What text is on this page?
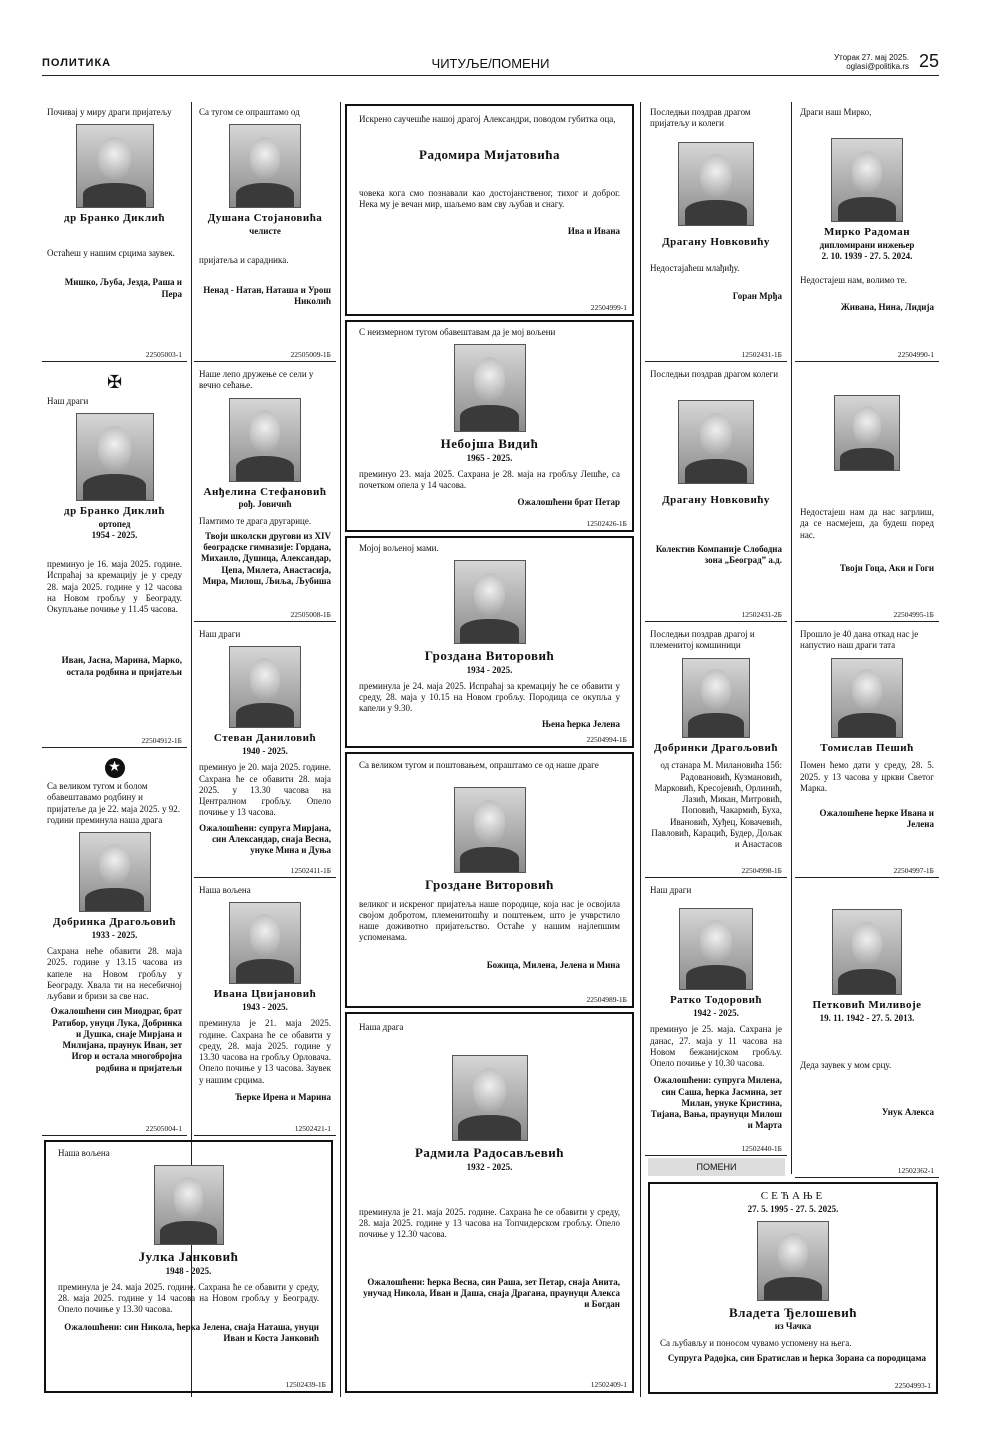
ПОЛИТИКА	ЧИТУЉЕ/ПОМЕНИ	Уторак 27. мај 2025.
oglasi@politika.rs 25
Почивај у миру драги пријатељу
др Бранко Диклић
Остаћеш у нашим срцима заувек.
Мишко, Љуба, Језда, Раша и Пера
22505003-1
✠
Наш драги
др Бранко Диклић
ортопед
1954 - 2025.
преминуо је 16. маја 2025. године. Испраћај за кремацију је у среду 28. маја 2025. године у 12 часова на Новом гробљу у Београду. Окупљање почиње у 11.45 часова.
Иван, Јасна, Марина, Марко, остала родбина и пријатељи
22504912-1Б
★
Са великом тугом и болом обавештавамо родбину и пријатеље да је 22. маја 2025. у 92. години преминула наша драга
Добринка Драгољовић
1933 - 2025.
Сахрана неће обавити 28. маја 2025. године у 13.15 часова из капеле на Новом гробљу у Београду. Хвала ти на несебичној љубави и бризи за све нас.
Ожалошћени син Миодраг, брат Ратибор, унуци Лука, Добринка и Душка, снаје Мирјана и Милијана, праунук Иван, зет Игор и остала многобројна родбина и пријатељи
22505004-1
Са тугом се опраштамо од
Душана Стојановића
челисте
пријатеља и сарадника.
Ненад - Натан, Наташа и Урош Николић
22505009-1Б
Наше лепо дружење се сели у вечно сећање.
Анђелина Стефановић
рођ. Јовичић
Памтимо те драга другарице.
Твоји школски другови из XIV београдске гимназије: Гордана, Михаило, Душица, Александар, Цепа, Милета, Анастасија, Мира, Милош, Љиља, Љубиша
22505008-1Б
Наш драги
Стеван Даниловић
1940 - 2025.
преминуо је 20. маја 2025. године. Сахрана ће се обавити 28. маја 2025. у 13.30 часова на Централном гробљу. Опело почиње у 13 часова.
Ожалошћени: супруга Мирјана, син Александар, снаја Весна, унуке Мина и Дуња
12502411-1Б
Наша вољена
Ивана Цвијановић
1943 - 2025.
преминула је 21. маја 2025. године. Сахрана ће се обавити у среду, 28. маја 2025. године у 13.30 часова на гробљу Орловача. Опело почиње у 13 часова. Заувек у нашим срцима.
Ћерке Ирена и Марина
12502421-1
Наша вољена
Јулка Јанковић
1948 - 2025.
преминула је 24. маја 2025. године. Сахрана ће се обавити у среду, 28. маја 2025. године у 14 часова на Новом гробљу у Београду. Опело почиње у 13.30 часова.
Ожалошћени: син Никола, ћерка Јелена, снаја Наташа, унуци Иван и Коста Јанковић
12502439-1Б
Искрено саучешће нашој драгој Александри, поводом губитка оца,
Радомира Мијатовића
човека кога смо познавали као достојанственог, тихог и доброг. Нека му је вечан мир, шаљемо вам сву љубав и снагу.
Ива и Ивана
22504999-1
С неизмерном тугом обавештавам да је мој вољени
Небојша Видић
1965 - 2025.
преминуо 23. маја 2025. Сахрана је 28. маја на гробљу Лешће, са почетком опела у 14 часова.
Ожалошћени брат Петар
12502426-1Б
Мојој вољеној мами.
Гроздана Виторовић
1934 - 2025.
преминула је 24. маја 2025. Испраћај за кремацију ће се обавити у среду, 28. маја у 10.15 на Новом гробљу. Породица се окупља у капели у 9.30.
Њена ћерка Јелена
22504994-1Б
Са великом тугом и поштовањем, опраштамо се од наше драге
Гроздане Виторовић
великог и искреног пријатеља наше породице, која нас је освојила својом добротом, племенитошћу и поштењем, што је учврстило наше доживотно пријатељство. Остаће у нашим најлепшим успоменама.
Божица, Милена, Јелена и Мина
22504989-1Б
Наша драга
Радмила Радосављевић
1932 - 2025.
преминула је 21. маја 2025. године. Сахрана ће се обавити у среду, 28. маја 2025. године у 13 часова на Топчидерском гробљу. Опело почиње у 12.30 часова.
Ожалошћени: ћерка Весна, син Раша, зет Петар, снаја Анита, унучад Никола, Иван и Даша, снаја Драгана, праунуци Алекса и Богдан
12502409-1
Последњи поздрав драгом пријатељу и колеги
Драгану Новковићу
Недостајаћеш млађиђу.
Горан Мрђа
12502431-1Б
Последњи поздрав драгом колеги
Драгану Новковићу
Колектив Компаније Слободна зона „Београд” а.д.
12502431-2Б
Последњи поздрав драгој и племенитој комшиници
Добринки Драгољовић
од станара М. Милановића 15б: Радовановић, Кузмановић, Марковић, Кресојевић, Орлинић, Лазић, Микан, Митровић, Поповић, Чакармић, Буха, Ивановић, Хуђец, Ковачевић, Павловић, Карацић, Будер, Дољак и Анастасов
22504998-1Б
Наш драги
Ратко Тодоровић
1942 - 2025.
преминуо је 25. маја. Сахрана је данас, 27. маја у 11 часова на Новом бежанијском гробљу. Опело почиње у 10.30 часова.
Ожалошћени: супруга Милена, син Саша, ћерка Јасмина, зет Милан, унуке Кристина, Тијана, Вања, праунуци Милош и Марта
12502440-1Б
ПОМЕНИ
Драги наш Мирко,
Мирко Радоман
дипломирани инжењер
2. 10. 1939 - 27. 5. 2024.
Недостајеш нам, волимо те.
Живана, Нина, Лидија
22504990-1
Недостајеш нам да нас загрлиш, да се насмејеш, да будеш поред нас.
Твоји Гоца, Аки и Гоги
22504995-1Б
Прошло је 40 дана откад нас је напустио наш драги тата
Томислав Пешић
Помен ћемо дати у среду, 28. 5. 2025. у 13 часова у цркви Светог Марка.
Ожалошћене ћерке Ивана и Јелена
22504997-1Б
Петковић Миливоје
19. 11. 1942 - 27. 5. 2013.
Деда заувек у мом срцу.
Унук Алекса
12502362-1
СЕЋАЊЕ
27. 5. 1995 - 27. 5. 2025.
Владета Ђелошевић
из Чачка
Са љубављу и поносом чувамо успомену на њега.
Супруга Радојка, син Братислав и ћерка Зорана са породицама
22504993-1
